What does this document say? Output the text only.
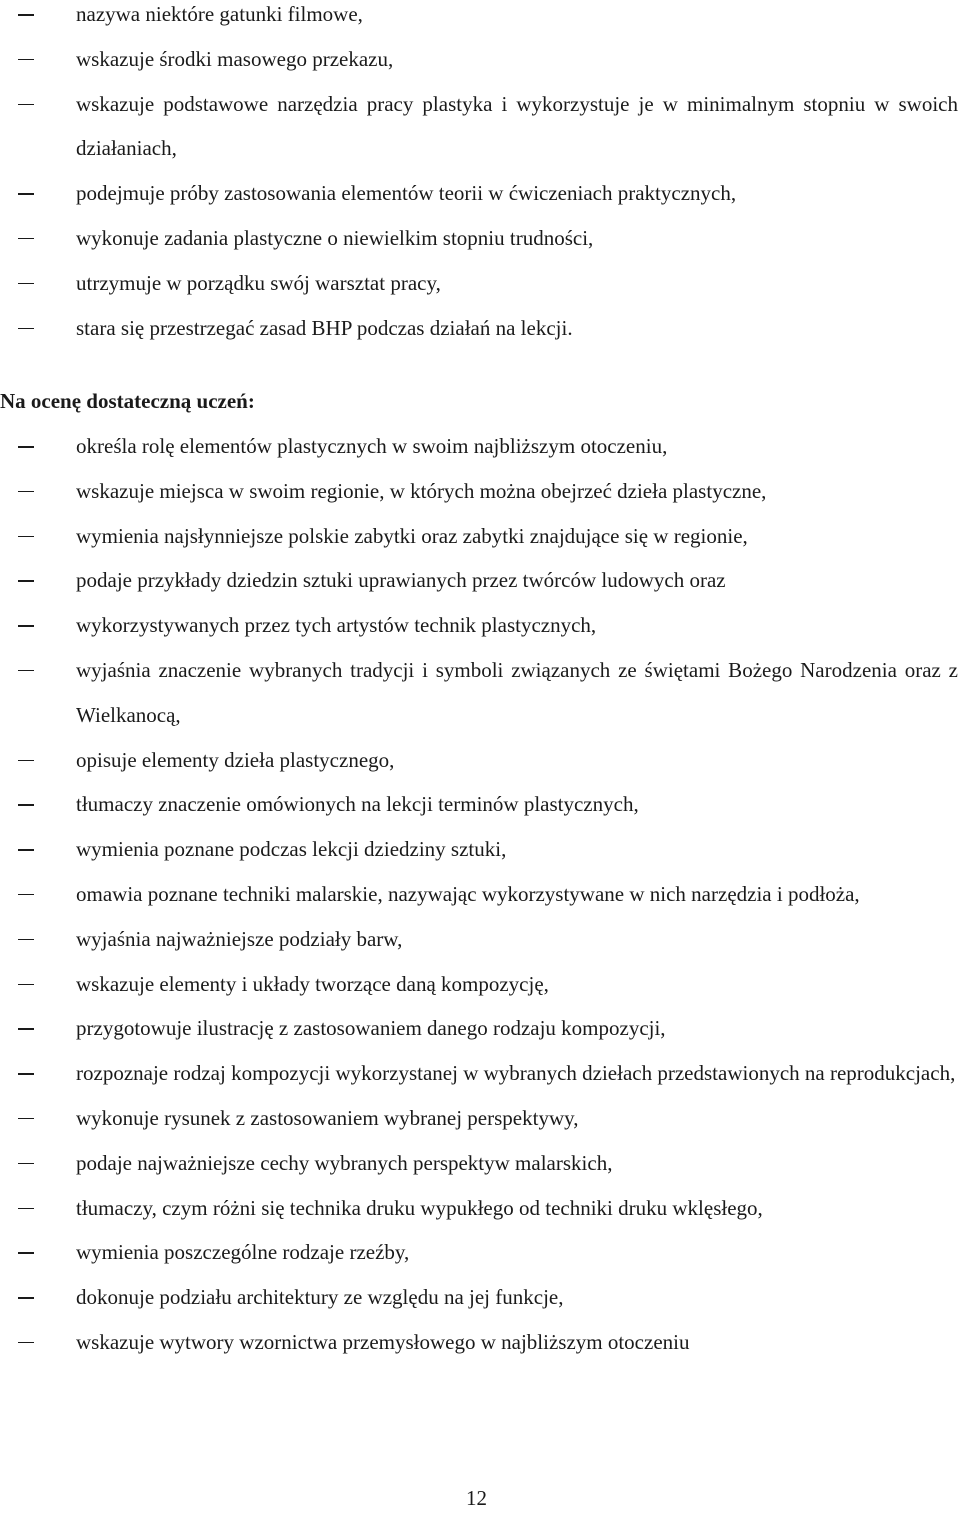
nazywa niektóre gatunki filmowe,
wskazuje środki masowego przekazu,
wskazuje podstawowe narzędzia pracy plastyka i wykorzystuje je w minimalnym stopniu w swoich działaniach,
podejmuje próby zastosowania elementów teorii w ćwiczeniach praktycznych,
wykonuje zadania plastyczne o niewielkim stopniu trudności,
utrzymuje w porządku swój warsztat pracy,
stara się przestrzegać zasad BHP podczas działań na lekcji.
Na ocenę dostateczną uczeń:
określa rolę elementów plastycznych w swoim najbliższym otoczeniu,
wskazuje miejsca w swoim regionie, w których można obejrzeć dzieła plastyczne,
wymienia najsłynniejsze polskie zabytki oraz zabytki znajdujące się w regionie,
podaje przykłady dziedzin sztuki uprawianych przez twórców ludowych oraz
wykorzystywanych przez tych artystów technik plastycznych,
wyjaśnia znaczenie wybranych tradycji i symboli związanych ze świętami Bożego Narodzenia oraz z Wielkanocą,
opisuje elementy dzieła plastycznego,
tłumaczy znaczenie omówionych na lekcji terminów plastycznych,
wymienia poznane podczas lekcji dziedziny sztuki,
omawia poznane techniki malarskie, nazywając wykorzystywane w nich narzędzia i podłoża,
wyjaśnia najważniejsze podziały barw,
wskazuje elementy i układy tworzące daną kompozycję,
przygotowuje ilustrację z zastosowaniem danego rodzaju kompozycji,
rozpoznaje rodzaj kompozycji wykorzystanej w wybranych dziełach przedstawionych na reprodukcjach,
wykonuje rysunek z zastosowaniem wybranej perspektywy,
podaje najważniejsze cechy wybranych perspektyw malarskich,
tłumaczy, czym różni się technika druku wypukłego od techniki druku wklęsłego,
wymienia poszczególne rodzaje rzeźby,
dokonuje podziału architektury ze względu na jej funkcje,
wskazuje wytwory wzornictwa przemysłowego w najbliższym otoczeniu
12
